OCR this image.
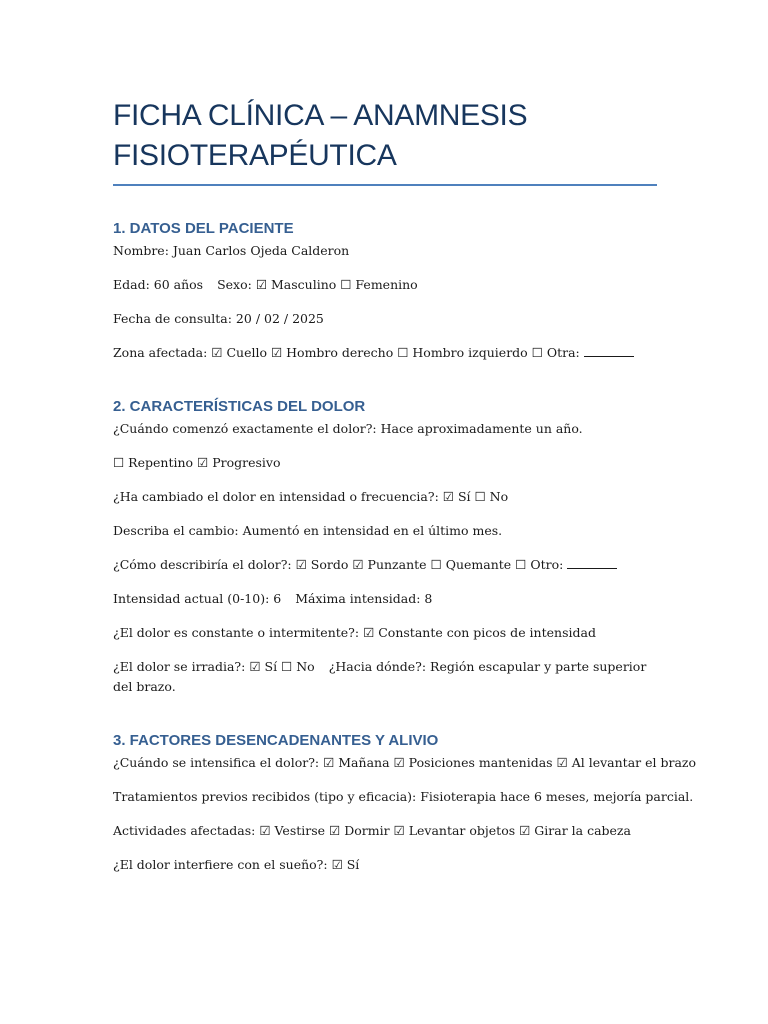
FICHA CLÍNICA – ANAMNESIS
FISIOTERAPÉUTICA
1. DATOS DEL PACIENTE

Nombre: Juan Carlos Ojeda Calderon

Edad: 60 años Sexo: ☑ Masculino ☐ Femenino

Fecha de consulta: 20 / 02 / 2025

Zona afectada: ☑ Cuello ☑ Hombro derecho ☐ Hombro izquierdo ☐ Otra:

2. CARACTERÍSTICAS DEL DOLOR

¿Cuándo comenzó exactamente el dolor?: Hace aproximadamente un año.

☐ Repentino ☑ Progresivo

¿Ha cambiado el dolor en intensidad o frecuencia?: ☑ Sí ☐ No

Describa el cambio: Aumentó en intensidad en el último mes.

¿Cómo describiría el dolor?: ☑ Sordo ☑ Punzante ☐ Quemante ☐ Otro:

Intensidad actual (0-10): 6 Máxima intensidad: 8

¿El dolor es constante o intermitente?: ☑ Constante con picos de intensidad

¿El dolor se irradia?: ☑ Sí ☐ No ¿Hacia dónde?: Región escapular y parte superior del brazo.

3. FACTORES DESENCADENANTES Y ALIVIO

¿Cuándo se intensifica el dolor?: ☑ Mañana ☑ Posiciones mantenidas ☑ Al levantar el brazo

Tratamientos previos recibidos (tipo y eficacia): Fisioterapia hace 6 meses, mejoría parcial.

Actividades afectadas: ☑ Vestirse ☑ Dormir ☑ Levantar objetos ☑ Girar la cabeza

¿El dolor interfiere con el sueño?: ☑ Sí
